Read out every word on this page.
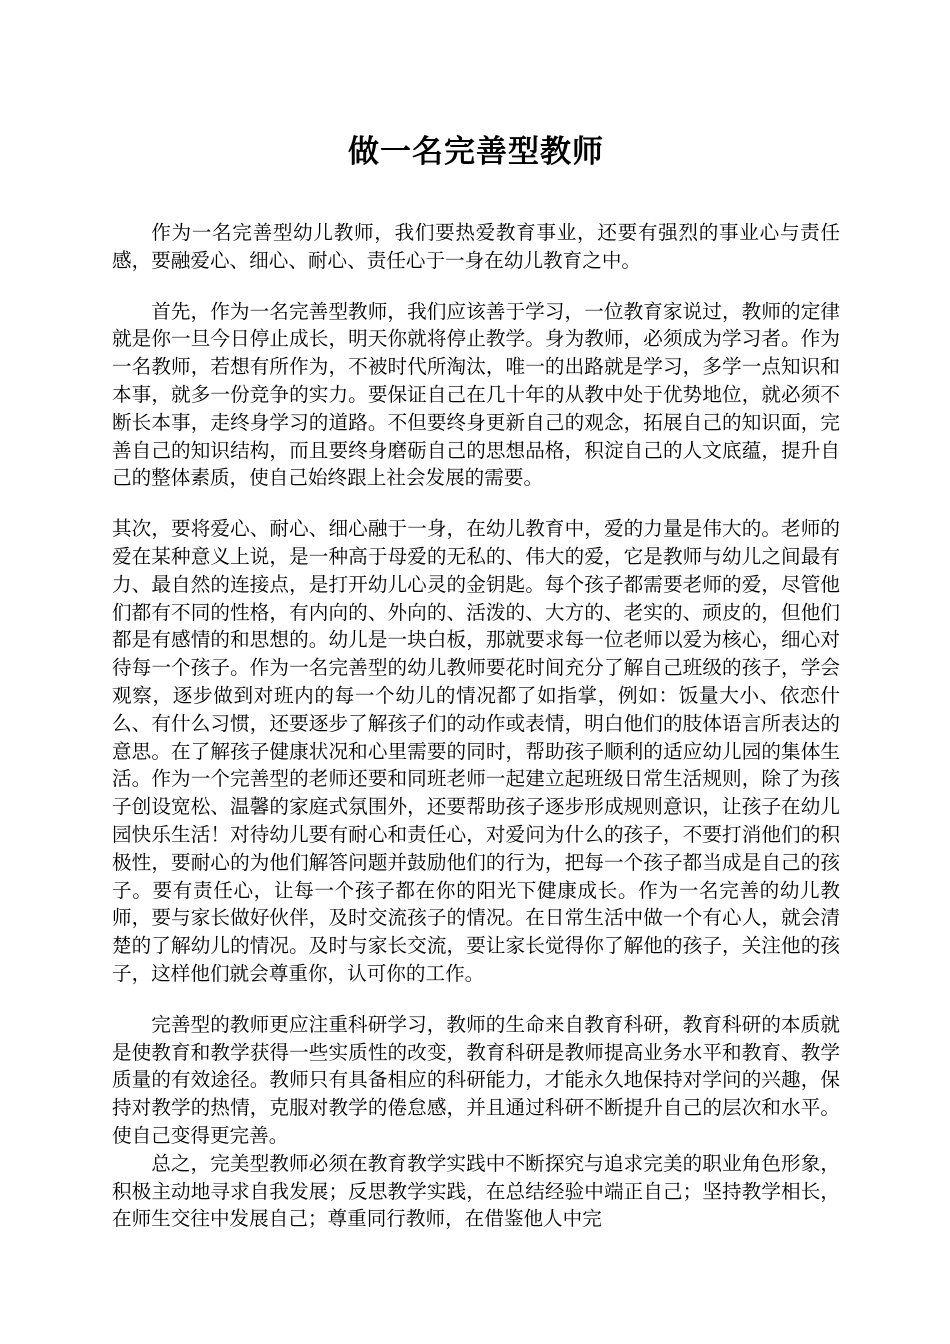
做一名完善型教师

作为一名完善型幼儿教师，我们要热爱教育事业，还要有强烈的事业心与责任感，要融爱心、细心、耐心、责任心于一身在幼儿教育之中。

首先，作为一名完善型教师，我们应该善于学习，一位教育家说过，教师的定律就是你一旦今日停止成长，明天你就将停止教学。身为教师，必须成为学习者。作为一名教师，若想有所作为，不被时代所淘汰，唯一的出路就是学习，多学一点知识和本事，就多一份竞争的实力。要保证自己在几十年的从教中处于优势地位，就必须不断长本事，走终身学习的道路。不但要终身更新自己的观念，拓展自己的知识面，完善自己的知识结构，而且要终身磨砺自己的思想品格，积淀自己的人文底蕴，提升自己的整体素质，使自己始终跟上社会发展的需要。

其次，要将爱心、耐心、细心融于一身，在幼儿教育中，爱的力量是伟大的。老师的爱在某种意义上说，是一种高于母爱的无私的、伟大的爱，它是教师与幼儿之间最有力、最自然的连接点，是打开幼儿心灵的金钥匙。每个孩子都需要老师的爱，尽管他们都有不同的性格，有内向的、外向的、活泼的、大方的、老实的、顽皮的，但他们都是有感情的和思想的。幼儿是一块白板，那就要求每一位老师以爱为核心，细心对待每一个孩子。作为一名完善型的幼儿教师要花时间充分了解自己班级的孩子，学会观察，逐步做到对班内的每一个幼儿的情况都了如指掌，例如：饭量大小、依恋什么、有什么习惯，还要逐步了解孩子们的动作或表情，明白他们的肢体语言所表达的意思。在了解孩子健康状况和心里需要的同时，帮助孩子顺利的适应幼儿园的集体生活。作为一个完善型的老师还要和同班老师一起建立起班级日常生活规则，除了为孩子创设宽松、温馨的家庭式氛围外，还要帮助孩子逐步形成规则意识，让孩子在幼儿园快乐生活！对待幼儿要有耐心和责任心，对爱问为什么的孩子，不要打消他们的积极性，要耐心的为他们解答问题并鼓励他们的行为，把每一个孩子都当成是自己的孩子。要有责任心，让每一个孩子都在你的阳光下健康成长。作为一名完善的幼儿教师，要与家长做好伙伴，及时交流孩子的情况。在日常生活中做一个有心人，就会清楚的了解幼儿的情况。及时与家长交流，要让家长觉得你了解他的孩子，关注他的孩子，这样他们就会尊重你，认可你的工作。

完善型的教师更应注重科研学习，教师的生命来自教育科研，教育科研的本质就是使教育和教学获得一些实质性的改变，教育科研是教师提高业务水平和教育、教学质量的有效途径。教师只有具备相应的科研能力，才能永久地保持对学问的兴趣，保持对教学的热情，克服对教学的倦怠感，并且通过科研不断提升自己的层次和水平。使自己变得更完善。

总之，完美型教师必须在教育教学实践中不断探究与追求完美的职业角色形象，积极主动地寻求自我发展；反思教学实践，在总结经验中端正自己；坚持教学相长，在师生交往中发展自己；尊重同行教师，在借鉴他人中完
